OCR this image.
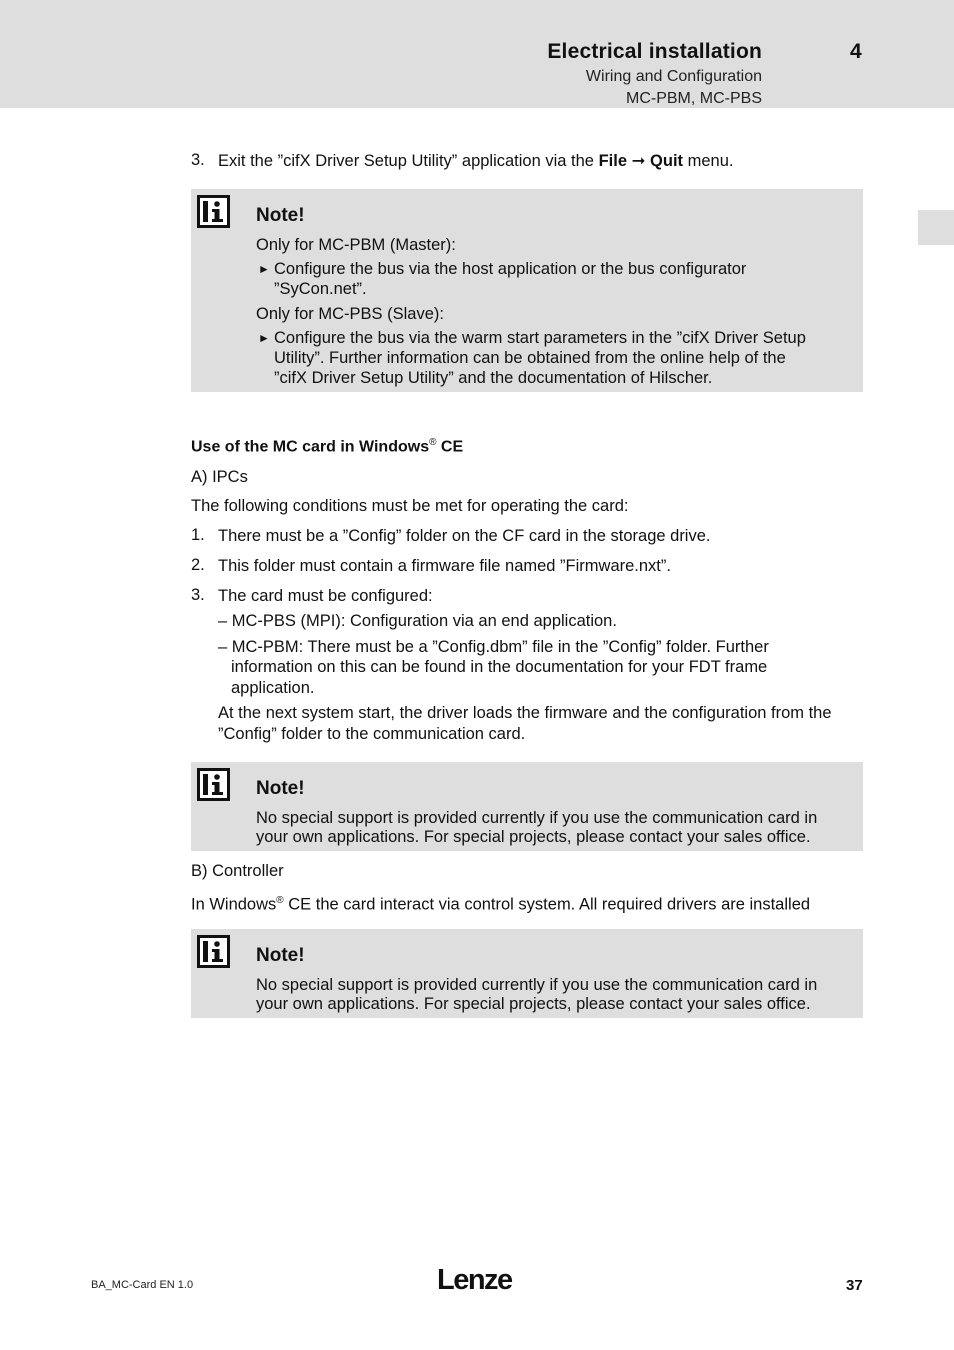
Electrical installation	4
Wiring and Configuration
MC-PBM, MC-PBS
3. Exit the ”cifX Driver Setup Utility” application via the File ➞ Quit menu.
Note!
Only for MC-PBM (Master):
► Configure the bus via the host application or the bus configurator
”SyCon.net”.
Only for MC-PBS (Slave):
► Configure the bus via the warm start parameters in the ”cifX Driver Setup
Utility”. Further information can be obtained from the online help of the
”cifX Driver Setup Utility” and the documentation of Hilscher.
Use of the MC card in Windows® CE
A) IPCs
The following conditions must be met for operating the card:
1. There must be a ”Config” folder on the CF card in the storage drive.
2. This folder must contain a firmware file named ”Firmware.nxt”.
3. The card must be configured:
– MC-PBS (MPI): Configuration via an end application.
– MC-PBM: There must be a ”Config.dbm” file in the ”Config” folder. Further
information on this can be found in the documentation for your FDT frame
application.
At the next system start, the driver loads the firmware and the configuration from the
”Config” folder to the communication card.
Note!
No special support is provided currently if you use the communication card in
your own applications. For special projects, please contact your sales office.
B) Controller
In Windows® CE the card interact via control system. All required drivers are installed
Note!
No special support is provided currently if you use the communication card in
your own applications. For special projects, please contact your sales office.
BA_MC-Card EN 1.0	Lenze	37
